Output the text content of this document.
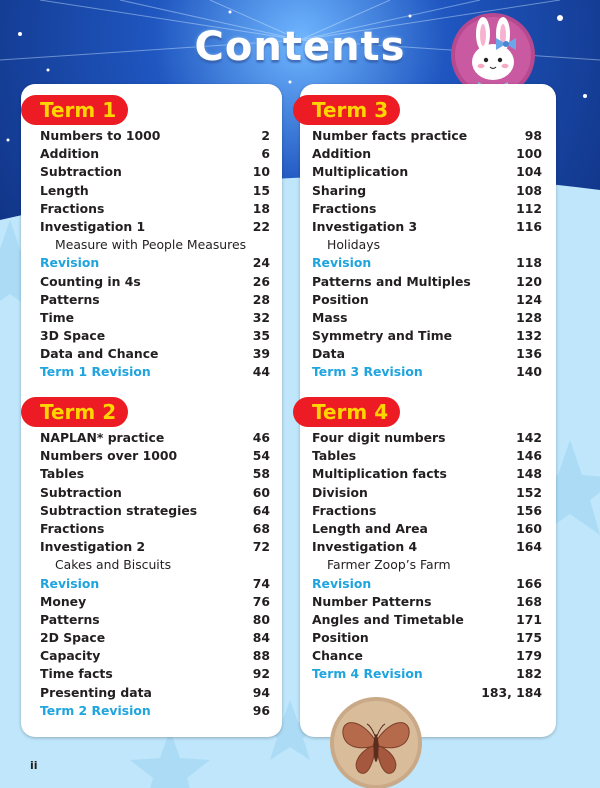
Contents
Term 1	Term 3
Term 2	Term 4
Numbers to 1000	2
Addition	6
Subtraction	10
Length	15
Fractions	18
Investigation 1	22
Measure with People Measures
Revision	24
Counting in 4s	26
Patterns	28
Time	32
3D Space	35
Data and Chance	39
Term 1 Revision	44
NAPLAN* practice	46
Numbers over 1000	54
Tables	58
Subtraction	60
Subtraction strategies	64
Fractions	68
Investigation 2	72
Cakes and Biscuits
Revision	74
Money	76
Patterns	80
2D Space	84
Capacity	88
Time facts	92
Presenting data	94
Term 2 Revision	96
Number facts practice	98
Addition	100
Multiplication	104
Sharing	108
Fractions	112
Investigation 3	116
Holidays
Revision	118
Patterns and Multiples	120
Position	124
Mass	128
Symmetry and Time	132
Data	136
Term 3 Revision	140
Four digit numbers	142
Tables	146
Multiplication facts	148
Division	152
Fractions	156
Length and Area	160
Investigation 4	164
Farmer Zoop’s Farm
Revision	166
Number Patterns	168
Angles and Timetable	171
Position	175
Chance	179
Term 4 Revision	182
183, 184
ii
